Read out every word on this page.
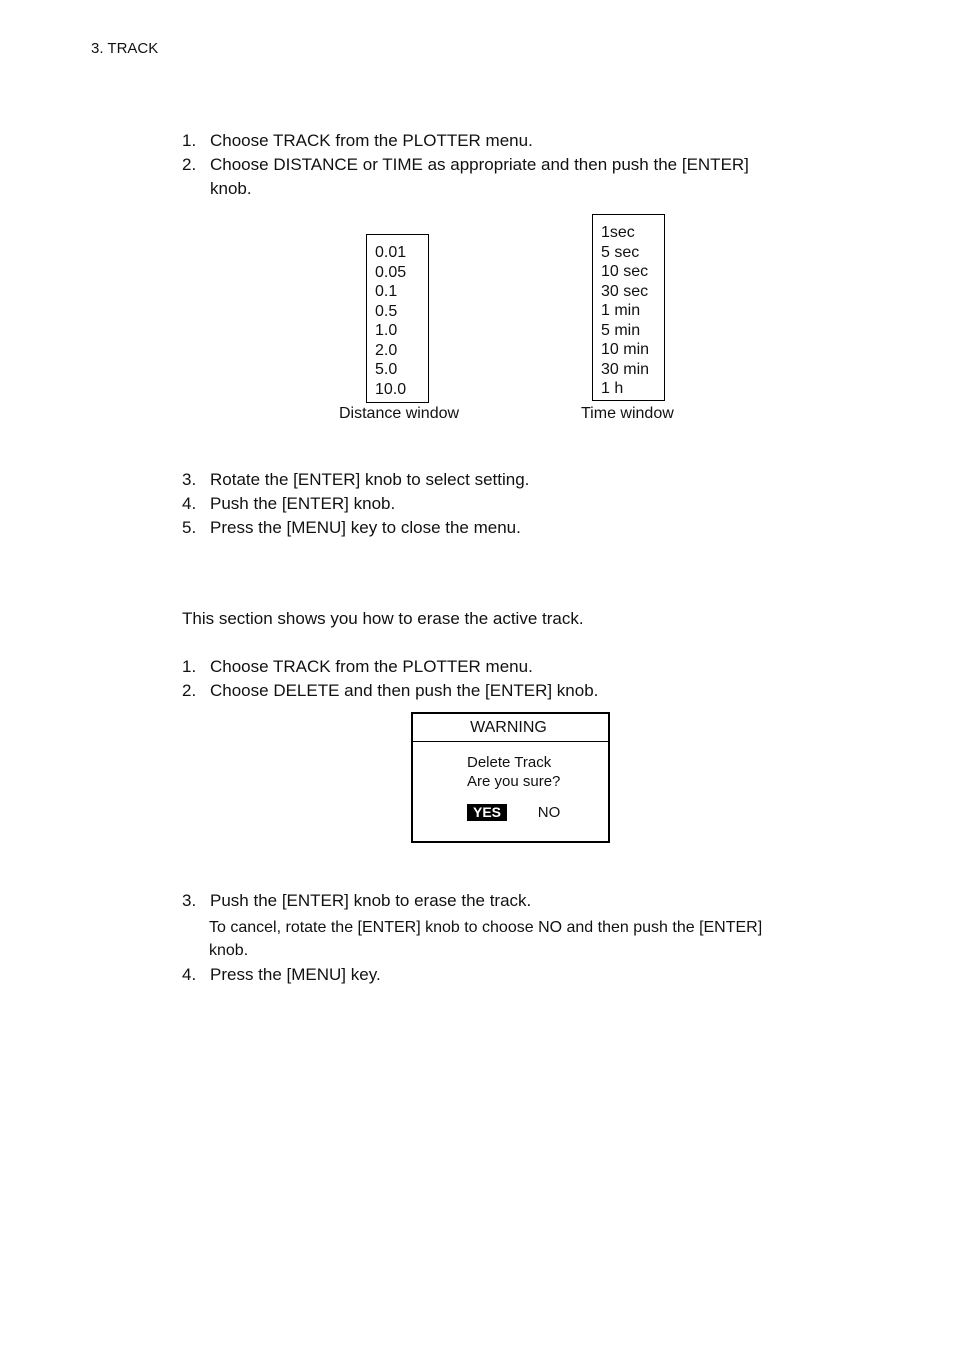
3. TRACK
1. Choose TRACK from the PLOTTER menu.
2. Choose DISTANCE or TIME as appropriate and then push the [ENTER]
knob.
0.01
0.05
0.1
0.5
1.0
2.0
5.0
10.0
Distance window
1sec
5 sec
10 sec
30 sec
1 min
5 min
10 min
30 min
1 h
Time window
3. Rotate the [ENTER] knob to select setting.
4. Push the [ENTER] knob.
5. Press the [MENU] key to close the menu.
This section shows you how to erase the active track.
1. Choose TRACK from the PLOTTER menu.
2. Choose DELETE and then push the [ENTER] knob.
WARNING
Delete Track
Are you sure?
YES	NO
3. Push the [ENTER] knob to erase the track.
To cancel, rotate the [ENTER] knob to choose NO and then push the [ENTER]
knob.
4. Press the [MENU] key.
